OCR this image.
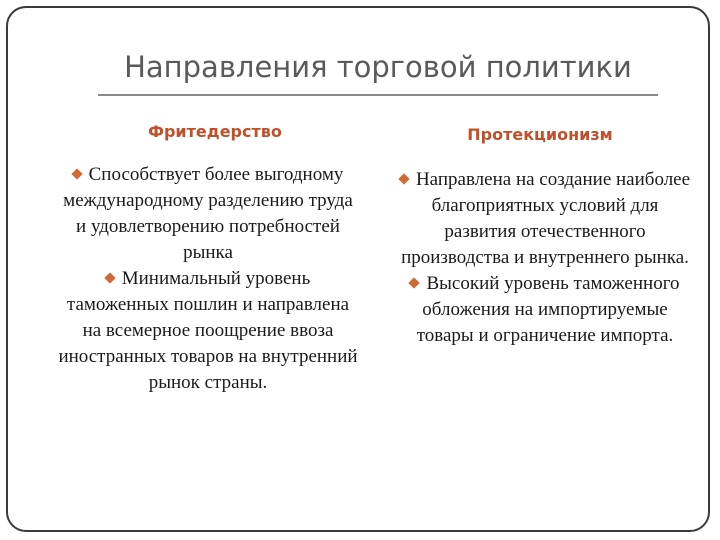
Направления торговой политики
Фритедерство	Протекционизм

Способствует более выгодному международному разделению труда и удовлетворению потребностей рынка

Минимальный уровень таможенных пошлин и направлена на всемерное поощрение ввоза иностранных товаров на внутренний рынок страны.

Направлена на создание наиболее благоприятных условий для развития отечественного производства и внутреннего рынка.

Высокий уровень таможенного обложения на импортируемые товары и ограничение импорта.
